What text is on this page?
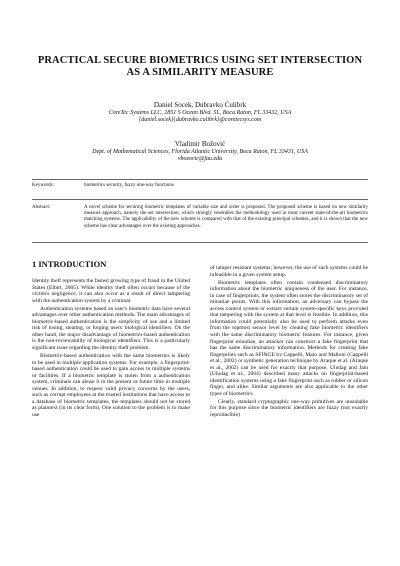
PRACTICAL SECURE BIOMETRICS USING SET INTERSECTION
AS A SIMILARITY MEASURE
Daniel Socek, Dubravko Ćulibrk
CoreTec Systems LLC, 2851 S Ocean Blvd. 5L, Boca Raton, FL 33432, USA
{daniel.socek}{dubravko.culibrk}@coretecsys.com
Vladimir Božović
Dept. of Mathematical Sciences, Florida Atlantic University, Boca Raton, FL 33431, USA
vbozovic@fau.edu
Keywords:	biometrics security, fuzzy one-way functions
Abstract:	A novel scheme for securing biometric templates of variable size and order is proposed. The proposed scheme is based on new similarity measure approach, namely the set intersection, which strongly resembles the methodology used in most current state-of-the-art biometrics matching systems. The applicability of the new scheme is compared with that of the existing principal schemes, and it is shown that the new scheme has clear advantages over the existing approaches.
1 INTRODUCTION

Identity theft represents the fastest growing type of fraud in the United States (Elbirt, 2005). While identity theft often occurs because of the victim's negligence, it can also occur as a result of direct tampering with the authentication system by a criminal.

Authentication systems based on user's biometric data have several advantages over other authentication methods. The main advantages of biometric-based authentication is the simplicity of use and a limited risk of losing, stealing, or forging users' biological identifiers. On the other hand, the major disadvantage of biometrics-based authentication is the non-reviewability of biological identifiers. This is a particularly significant issue regarding the identity theft problem.

Biometric-based authentication with the same biometrics is likely to be used in multiple application systems. For example, a fingerprint-based authentication could be used to gain access to multiple systems or facilities. If a biometric template is stolen from a authentication system, criminals can abuse it in the present or future time in multiple venues. In addition, to respect valid privacy concerns by the users, such as corrupt employees at the trusted institutions that have access to a database of biometric templates, the templates should not be stored as plaintext (in its clear form). One solution to the problem is to make use

of tamper resistant systems; however, the use of such systems could be infeasible in a given system setup.

Biometric templates often contain condensed discriminatory information about the biometric uniqueness of the user. For instance, in case of fingerprints, the system often stores the discriminatory set of minutiae points. With this information, an adversary can bypass the access control system or extract certain system-specific keys provided that tampering with the system at that level is feasible. In addition, this information could potentially also be used to perform attacks even from the topmost sensor level by creating fake biometric identifiers with the same discriminatory biometric features. For instance, given fingerprint minutiae, an attacker can construct a fake fingerprint that has the same discriminatory information. Methods for creating fake fingerprints such as SFINGE by Cappelli, Maio and Maltoni (Cappelli et al., 2002) or synthetic generation technique by Araque et al. (Araque et al., 2002) can be used for exactly that purpose. Uludag and Jain (Uludag et al., 2004) described many attacks on fingerprint-based identification systems using a fake fingerprint such as rubber or silicon finger, and alike. Similar arguments are also applicable to the other types of biometrics.

Clearly, standard cryptographic one-way primitives are unsuitable for this purpose since the biometric identifiers are fuzzy (not exactly reproducible)
